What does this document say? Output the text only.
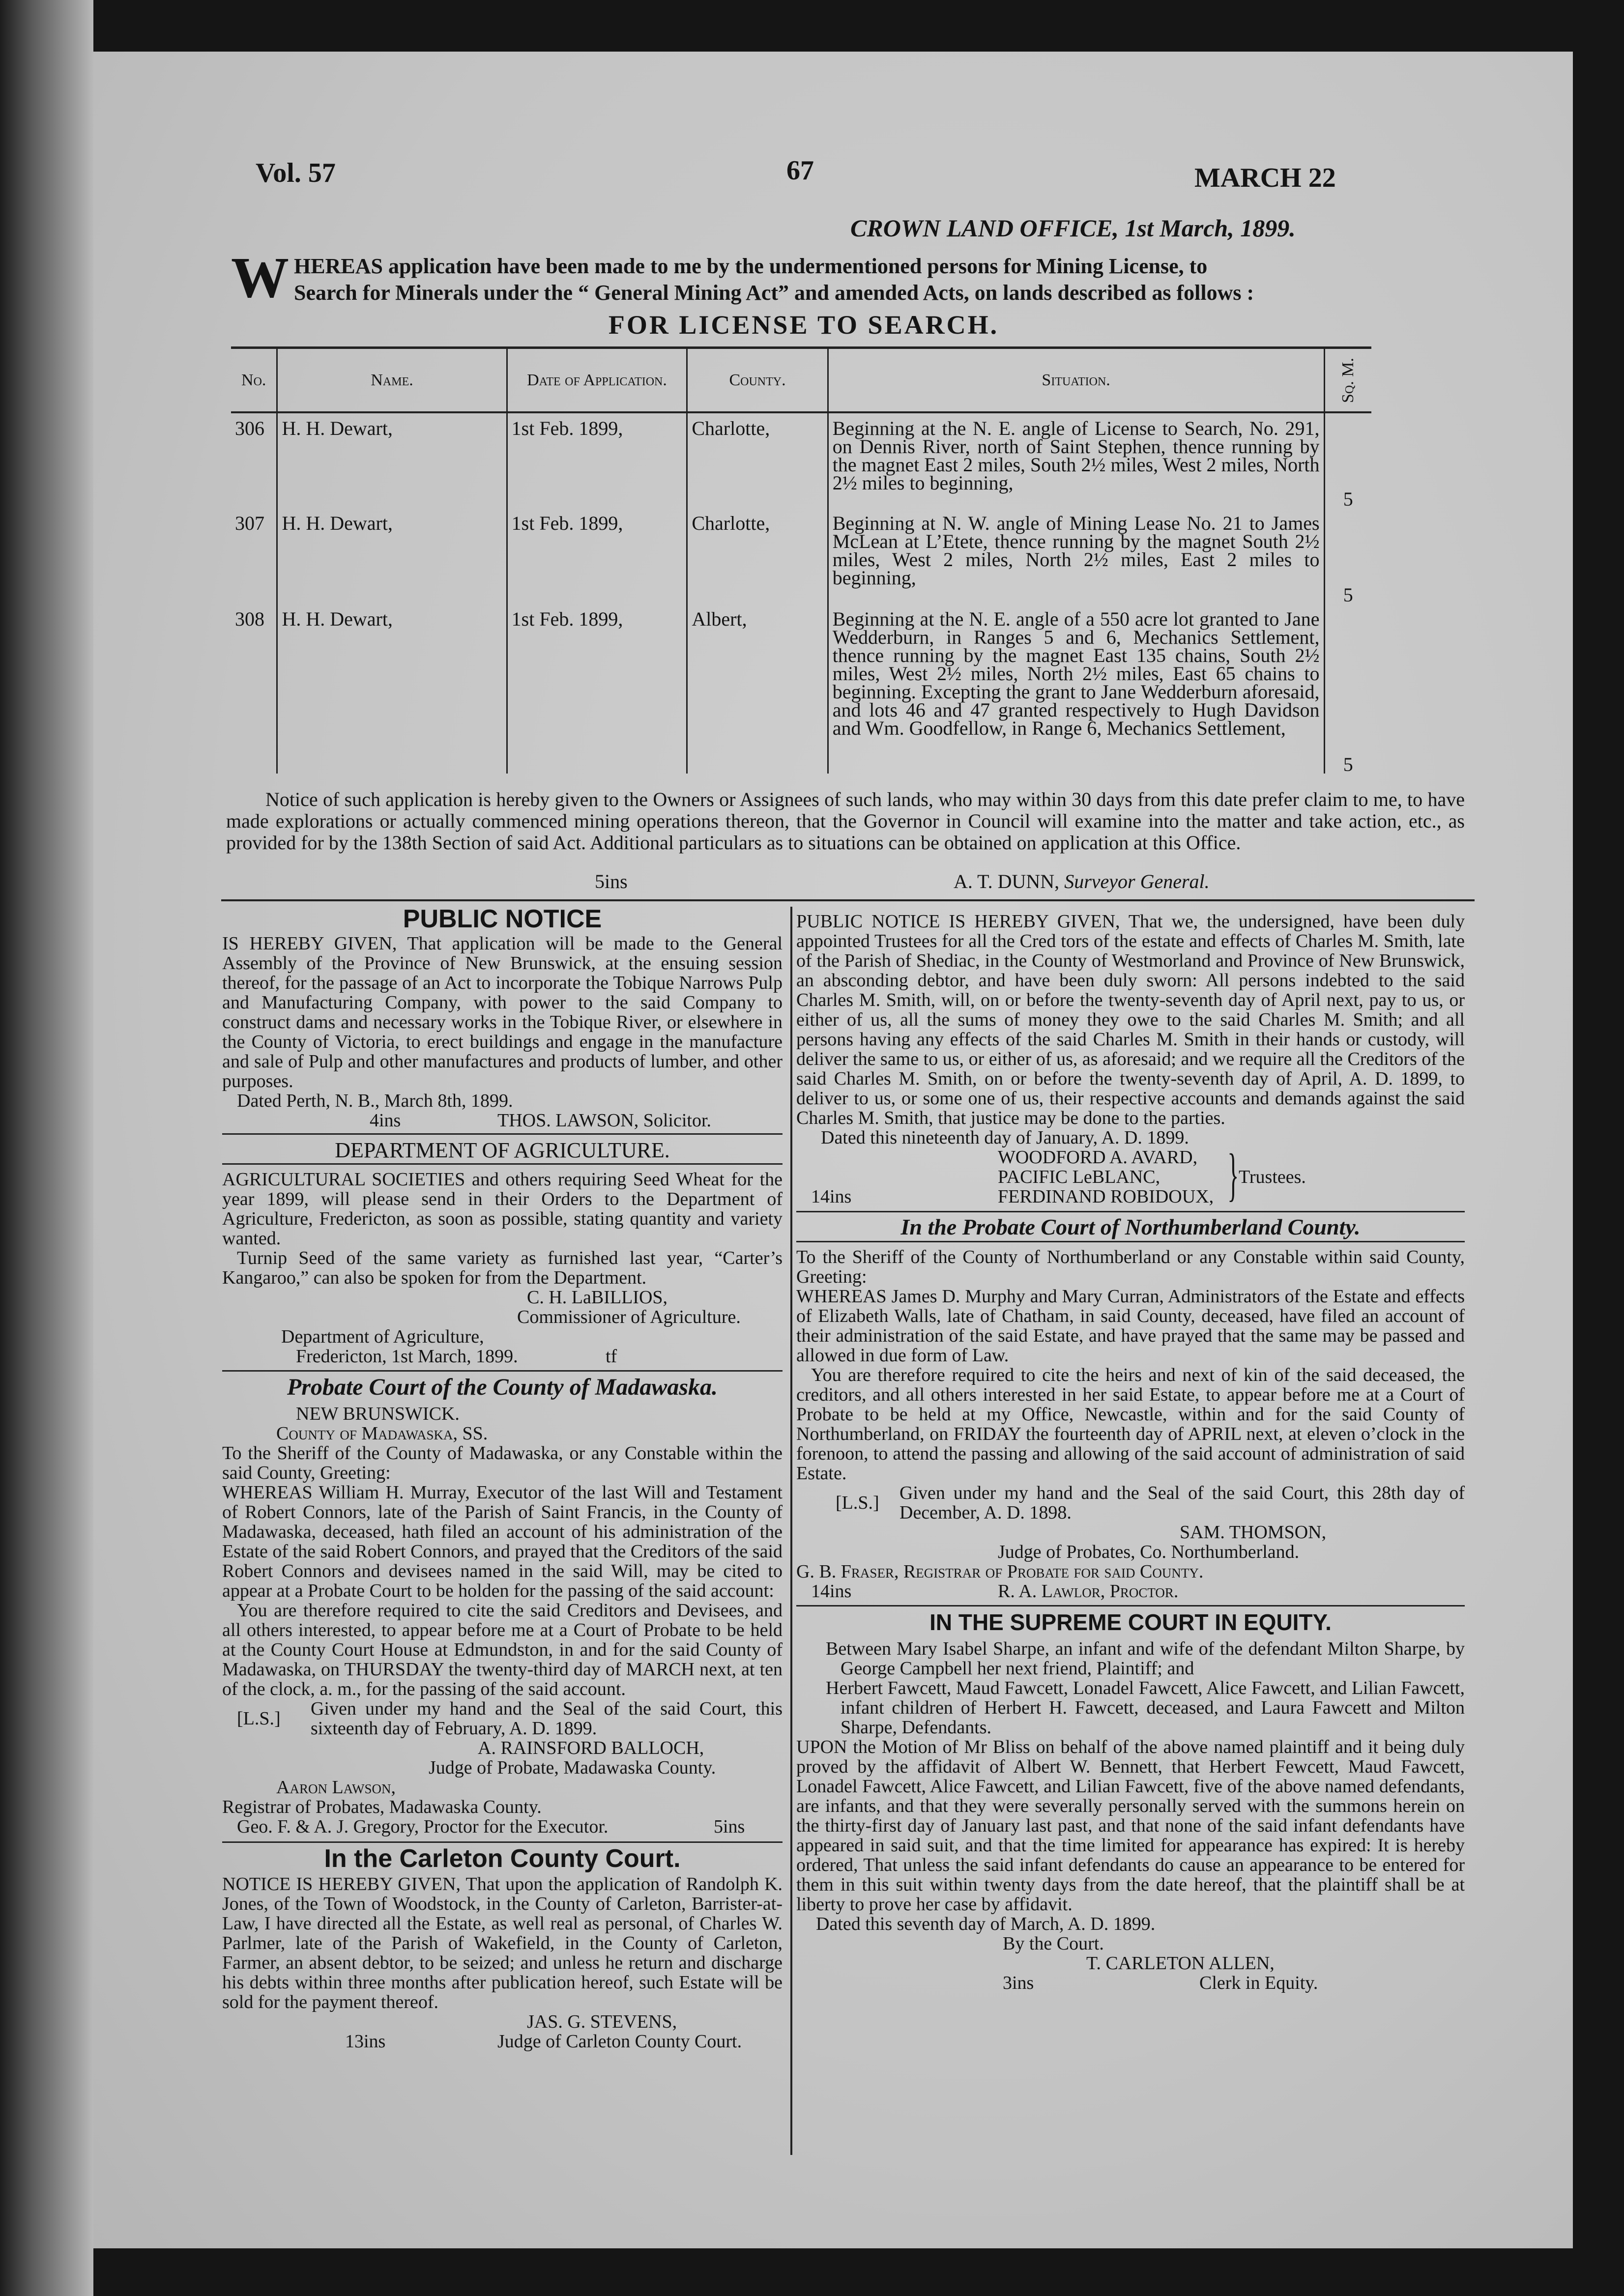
Vol. 57	67	MARCH 22
CROWN LAND OFFICE, 1st March, 1899.
W HEREAS application have been made to me by the undermentioned persons for Mining License, to
Search for Minerals under the “ General Mining Act” and amended Acts, on lands described as follows :
FOR LICENSE TO SEARCH.
No.	Name.	Date of Application.	County.	Situation.	Sq. M.
306	H. H. Dewart,	1st Feb. 1899,	Charlotte,	Beginning at the N. E. angle of License to Search, No. 291, on Dennis River, north of Saint Stephen, thence running by the magnet East 2 miles, South 2½ miles, West 2 miles, North 2½ miles to beginning,	5
307	H. H. Dewart,	1st Feb. 1899,	Charlotte,	Beginning at N. W. angle of Mining Lease No. 21 to James McLean at L’Etete, thence running by the magnet South 2½ miles, West 2 miles, North 2½ miles, East 2 miles to beginning,	5
308	H. H. Dewart,	1st Feb. 1899,	Albert,	Beginning at the N. E. angle of a 550 acre lot granted to Jane Wedderburn, in Ranges 5 and 6, Mechanics Settlement, thence running by the magnet East 135 chains, South 2½ miles, West 2½ miles, North 2½ miles, East 65 chains to beginning. Excepting the grant to Jane Wedderburn aforesaid, and lots 46 and 47 granted respectively to Hugh Davidson and Wm. Goodfellow, in Range 6, Mechanics Settlement,	5
Notice of such application is hereby given to the Owners or Assignees of such lands, who may within 30 days from this date prefer claim to me, to have made explorations or actually commenced mining operations thereon, that the Governor in Council will examine into the matter and take action, etc., as provided for by the 138th Section of said Act. Additional particulars as to situations can be obtained on application at this Office.
5ins	A. T. DUNN, Surveyor General.
PUBLIC NOTICE

IS HEREBY GIVEN, That application will be made to the General Assembly of the Province of New Brunswick, at the ensuing session thereof, for the passage of an Act to incorporate the Tobique Narrows Pulp and Manufacturing Company, with power to the said Company to construct dams and necessary works in the Tobique River, or elsewhere in the County of Victoria, to erect buildings and engage in the manufacture and sale of Pulp and other manufactures and products of lumber, and other purposes.

Dated Perth, N. B., March 8th, 1899.

4ins	THOS. LAWSON, Solicitor.
DEPARTMENT OF AGRICULTURE.

AGRICULTURAL SOCIETIES and others requiring Seed Wheat for the year 1899, will please send in their Orders to the Department of Agriculture, Fredericton, as soon as possible, stating quantity and variety wanted.

Turnip Seed of the same variety as furnished last year, “Carter’s Kangaroo,” can also be spoken for from the Department.

C. H. LaBILLIOS,
Commissioner of Agriculture.
Department of Agriculture,
Fredericton, 1st March, 1899.	tf
Probate Court of the County of Madawaska.
NEW BRUNSWICK.
County of Madawaska, SS.

To the Sheriff of the County of Madawaska, or any Constable within the said County, Greeting:

WHEREAS William H. Murray, Executor of the last Will and Testament of Robert Connors, late of the Parish of Saint Francis, in the County of Madawaska, deceased, hath filed an account of his administration of the Estate of the said Robert Connors, and prayed that the Creditors of the said Robert Connors and devisees named in the said Will, may be cited to appear at a Probate Court to be holden for the passing of the said account:

You are therefore required to cite the said Creditors and Devisees, and all others interested, to appear before me at a Court of Probate to be held at the County Court House at Edmundston, in and for the said County of Madawaska, on THURSDAY the twenty-third day of MARCH next, at ten of the clock, a. m., for the passing of the said account.

[L.S.]	Given under my hand and the Seal of the said Court, this sixteenth day of February, A. D. 1899.

A. RAINSFORD BALLOCH,
Judge of Probate, Madawaska County.
Aaron Lawson,
Registrar of Probates, Madawaska County.
Geo. F. & A. J. Gregory, Proctor for the Executor.	5ins
In the Carleton County Court.

NOTICE IS HEREBY GIVEN, That upon the application of Randolph K. Jones, of the Town of Woodstock, in the County of Carleton, Barrister-at-Law, I have directed all the Estate, as well real as personal, of Charles W. Parlmer, late of the Parish of Wakefield, in the County of Carleton, Farmer, an absent debtor, to be seized; and unless he return and discharge his debts within three months after publication hereof, such Estate will be sold for the payment thereof.

JAS. G. STEVENS,
13ins	Judge of Carleton County Court.

PUBLIC NOTICE IS HEREBY GIVEN, That we, the undersigned, have been duly appointed Trustees for all the Cred tors of the estate and effects of Charles M. Smith, late of the Parish of Shediac, in the County of Westmorland and Province of New Brunswick, an absconding debtor, and have been duly sworn: All persons indebted to the said Charles M. Smith, will, on or before the twenty-seventh day of April next, pay to us, or either of us, all the sums of money they owe to the said Charles M. Smith; and all persons having any effects of the said Charles M. Smith in their hands or custody, will deliver the same to us, or either of us, as aforesaid; and we require all the Creditors of the said Charles M. Smith, on or before the twenty-seventh day of April, A. D. 1899, to deliver to us, or some one of us, their respective accounts and demands against the said Charles M. Smith, that justice may be done to the parties.

Dated this nineteenth day of January, A. D. 1899.

14ins
WOODFORD A. AVARD,
PACIFIC LeBLANC,
FERDINAND ROBIDOUX, } Trustees.
In the Probate Court of Northumberland County.

To the Sheriff of the County of Northumberland or any Constable within said County, Greeting:

WHEREAS James D. Murphy and Mary Curran, Administrators of the Estate and effects of Elizabeth Walls, late of Chatham, in said County, deceased, have filed an account of their administration of the said Estate, and have prayed that the same may be passed and allowed in due form of Law.

You are therefore required to cite the heirs and next of kin of the said deceased, the creditors, and all others interested in her said Estate, to appear before me at a Court of Probate to be held at my Office, Newcastle, within and for the said County of Northumberland, on FRIDAY the fourteenth day of APRIL next, at eleven o’clock in the forenoon, to attend the passing and allowing of the said account of administration of said Estate.

[L.S.]	Given under my hand and the Seal of the said Court, this 28th day of December, A. D. 1898.

SAM. THOMSON,
Judge of Probates, Co. Northumberland.
G. B. Fraser, Registrar of Probate for said County.
14ins	R. A. Lawlor, Proctor.
IN THE SUPREME COURT IN EQUITY.

Between Mary Isabel Sharpe, an infant and wife of the defendant Milton Sharpe, by George Campbell her next friend, Plaintiff; and

Herbert Fawcett, Maud Fawcett, Lonadel Fawcett, Alice Fawcett, and Lilian Fawcett, infant children of Herbert H. Fawcett, deceased, and Laura Fawcett and Milton Sharpe, Defendants.

UPON the Motion of Mr Bliss on behalf of the above named plaintiff and it being duly proved by the affidavit of Albert W. Bennett, that Herbert Fewcett, Maud Fawcett, Lonadel Fawcett, Alice Fawcett, and Lilian Fawcett, five of the above named defendants, are infants, and that they were severally personally served with the summons herein on the thirty-first day of January last past, and that none of the said infant defendants have appeared in said suit, and that the time limited for appearance has expired: It is hereby ordered, That unless the said infant defendants do cause an appearance to be entered for them in this suit within twenty days from the date hereof, that the plaintiff shall be at liberty to prove her case by affidavit.

Dated this seventh day of March, A. D. 1899.
By the Court.
T. CARLETON ALLEN,
3ins	Clerk in Equity.
